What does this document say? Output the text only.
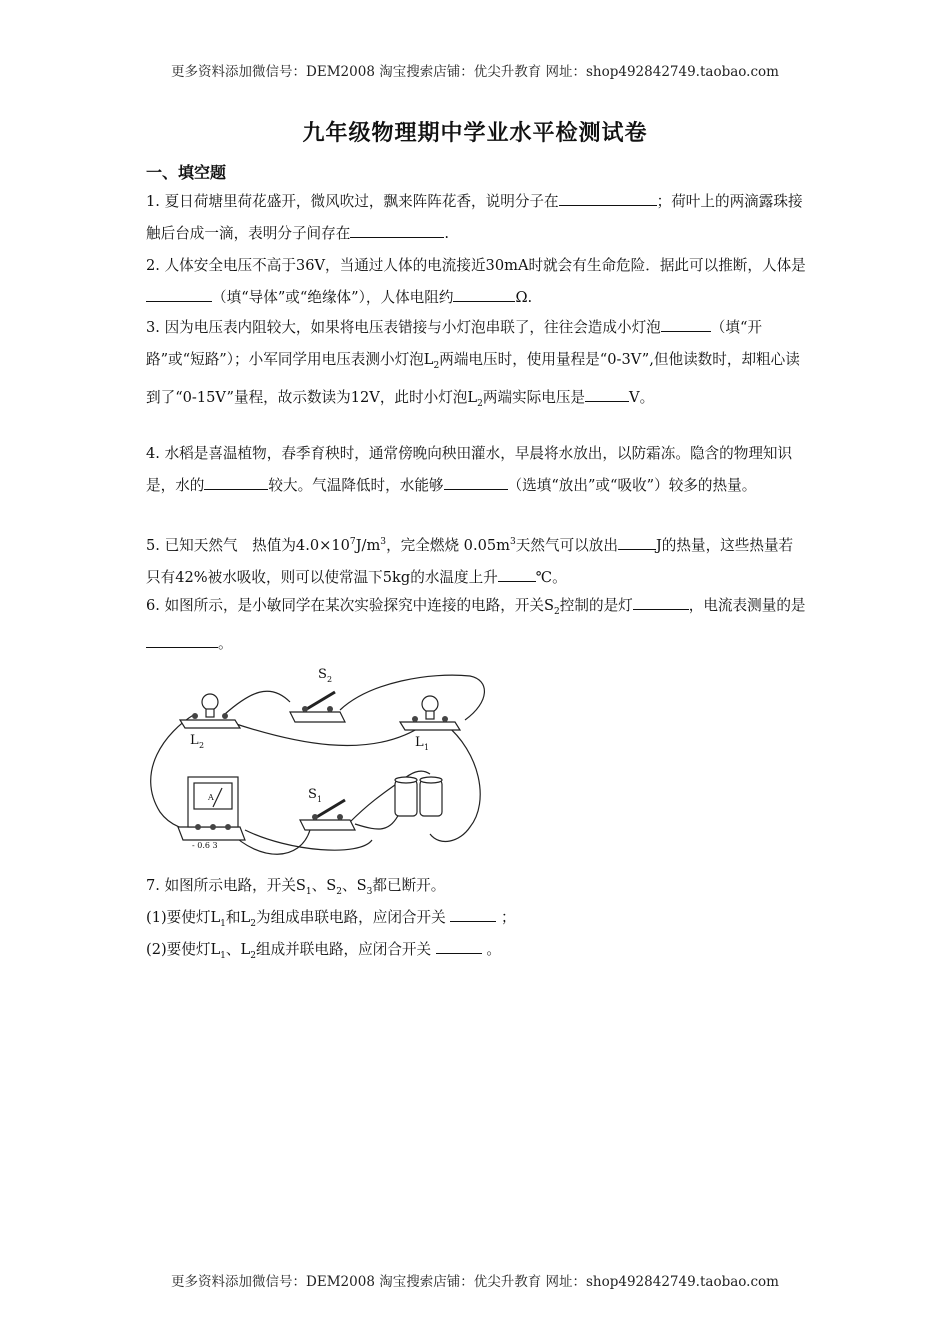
更多资料添加微信号：DEM2008 淘宝搜索店铺：优尖升教育 网址：shop492842749.taobao.com
九年级物理期中学业水平检测试卷
一、填空题
1. 夏日荷塘里荷花盛开，微风吹过，飘来阵阵花香，说明分子在	；荷叶上的两滴露珠接触后台成一滴，表明分子间存在	.
2. 人体安全电压不高于36V，当通过人体的电流接近30mA时就会有生命危险．据此可以推断，人体是（填“导体”或“绝缘体”），人体电阻约	Ω.
3. 因为电压表内阻较大，如果将电压表错接与小灯泡串联了，往往会造成小灯泡	（填“开路”或“短路”）；小军同学用电压表测小灯泡$L_2$两端电压时，使用量程是“0-3V”,但他读数时，却粗心读到了“0-15V”量程，故示数读为12V，此时小灯泡$L_2$两端实际电压是	V。
4. 水稻是喜温植物，春季育秧时，通常傍晚向秧田灌水，早晨将水放出，以防霜冻。隐含的物理知识是，水的	较大。气温降低时，水能够	（选填“放出”或“吸收”）较多的热量。
5. 已知天然气　热值为$4.0\times 10^7J/m^3$，完全燃烧 $0.05m^3$天然气可以放出	J的热量，这些热量若只有42%被水吸收，则可以使常温下5kg的水温度上升	℃。
6. 如图所示，是小敏同学在某次实验探究中连接的电路，开关$S_2$控制的是灯	，电流表测量的是。
S 2
L 2	L 1
S 1
A
- 0.6 3
7. 如图所示电路，开关$S_1$、$S_2$、$S_3$都已断开。
(1)要使灯$L_1$和$L_2$为组成串联电路，应闭合开关	；
(2)要使灯$L_1$、$L_2$组成并联电路，应闭合开关	。
更多资料添加微信号：DEM2008 淘宝搜索店铺：优尖升教育 网址：shop492842749.taobao.com
